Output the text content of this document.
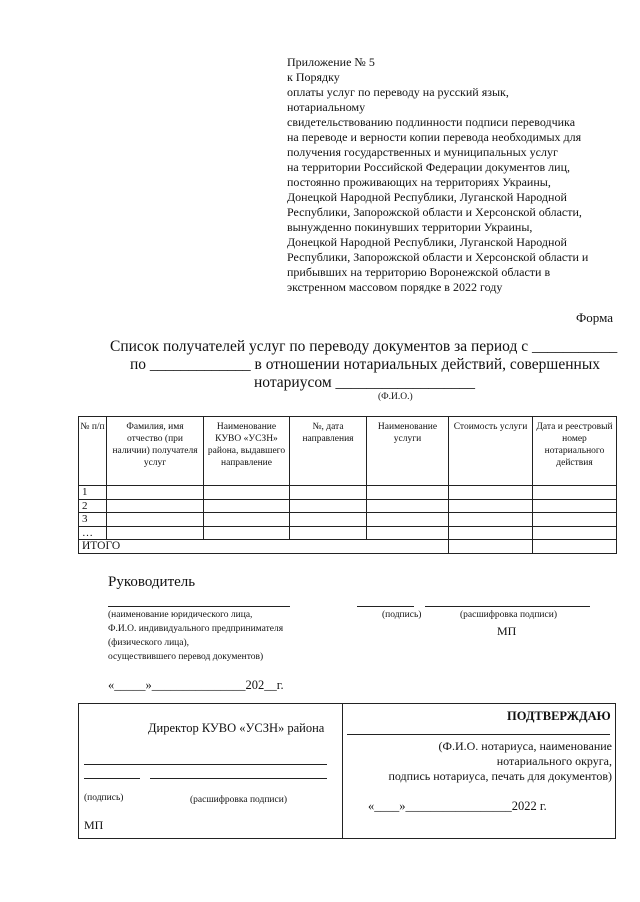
Приложение № 5
к Порядку
оплаты услуг по переводу на русский язык,
нотариальному
свидетельствованию подлинности подписи переводчика
на переводе и верности копии перевода необходимых для
получения государственных и муниципальных услуг
на территории Российской Федерации документов лиц,
постоянно проживающих на территориях Украины,
Донецкой Народной Республики, Луганской Народной
Республики, Запорожской области и Херсонской области,
вынужденно покинувших территории Украины,
Донецкой Народной Республики, Луганской Народной
Республики, Запорожской области и Херсонской области и
прибывших на территорию Воронежской области в
экстренном массовом порядке в 2022 году
Форма
Список получателей услуг по переводу документов за период с ___________
по _____________ в отношении нотариальных действий, совершенных
нотариусом __________________
(Ф.И.О.)
№ п/п	Фамилия, имя отчество (при наличии) получателя услуг	Наименование КУВО «УСЗН» района, выдавшего направление	№, дата направления	Наименование услуги	Стоимость услуги	Дата и реестровый номер нотариального действия
1						
2						
3						
…						
ИТОГО						
Руководитель
(наименование юридического лица,
Ф.И.О. индивидуального предпринимателя
(физического лица),
осуществившего перевод документов)
(подпись)	(расшифровка подписи)
МП
«_____»_______________202__г.
Директор КУВО «УСЗН» района
(подпись)	(расшифровка подписи)
МП
ПОДТВЕРЖДАЮ
(Ф.И.О. нотариуса, наименование
нотариального округа,
подпись нотариуса, печать для документов)
«____»_________________2022 г.
